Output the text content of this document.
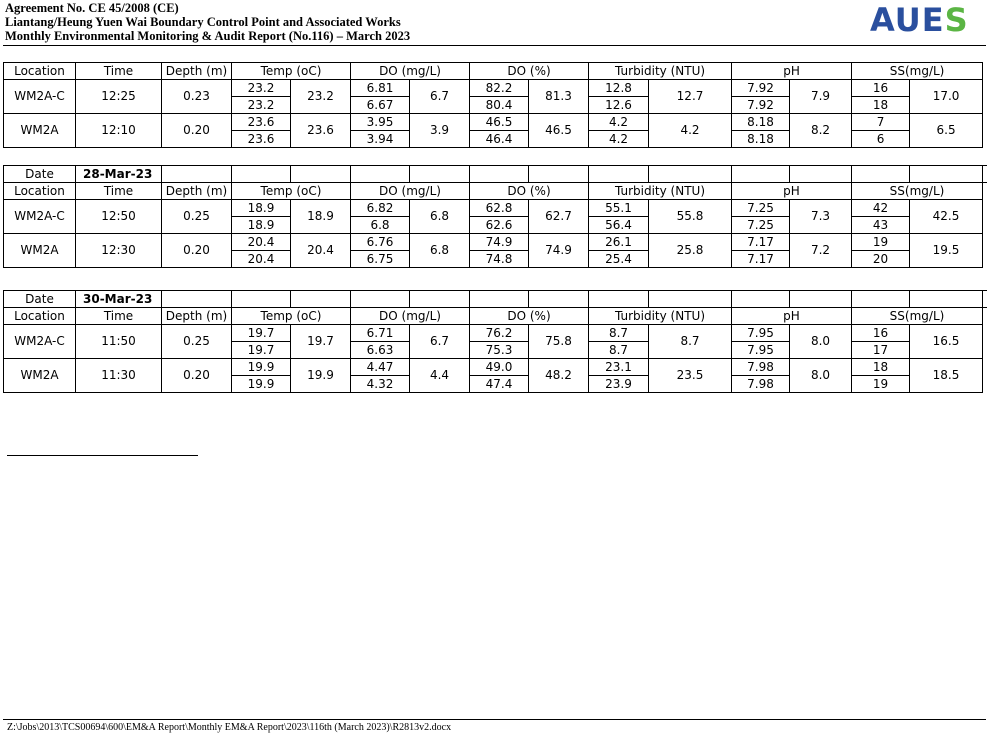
Agreement No. CE 45/2008 (CE)
Liantang/Heung Yuen Wai Boundary Control Point and Associated Works
Monthly Environmental Monitoring & Audit Report (No.116) – March 2023	AUES
Location	Time	Depth (m)	Temp (oC)		DO (mg/L)		DO (%)		Turbidity (NTU)		pH		SS(mg/L)	
WM2A-C	12:25	0.23	23.2	23.2	6.81	6.7	82.2	81.3	12.8	12.7	7.92	7.9	16	17.0
			23.2		6.67		80.4		12.6		7.92		18	
WM2A	12:10	0.20	23.6	23.6	3.95	3.9	46.5	46.5	4.2	4.2	8.18	8.2	7	6.5
			23.6		3.94		46.4		4.2		8.18		6	
Date	28-Mar-23														
Location	Time	Depth (m)	Temp (oC)		DO (mg/L)		DO (%)		Turbidity (NTU)		pH		SS(mg/L)		
WM2A-C	12:50	0.25	18.9	18.9	6.82	6.8	62.8	62.7	55.1	55.8	7.25	7.3	42	42.5	
			18.9		6.8		62.6		56.4		7.25		43		
WM2A	12:30	0.20	20.4	20.4	6.76	6.8	74.9	74.9	26.1	25.8	7.17	7.2	19	19.5	
			20.4		6.75		74.8		25.4		7.17		20		
Date	30-Mar-23														
Location	Time	Depth (m)	Temp (oC)		DO (mg/L)		DO (%)		Turbidity (NTU)		pH		SS(mg/L)		
WM2A-C	11:50	0.25	19.7	19.7	6.71	6.7	76.2	75.8	8.7	8.7	7.95	8.0	16	16.5	
			19.7		6.63		75.3		8.7		7.95		17		
WM2A	11:30	0.20	19.9	19.9	4.47	4.4	49.0	48.2	23.1	23.5	7.98	8.0	18	18.5	
			19.9		4.32		47.4		23.9		7.98		19		
Z:\Jobs\2013\TCS00694\600\EM&A Report\Monthly EM&A Report\2023\116th (March 2023)\R2813v2.docx
